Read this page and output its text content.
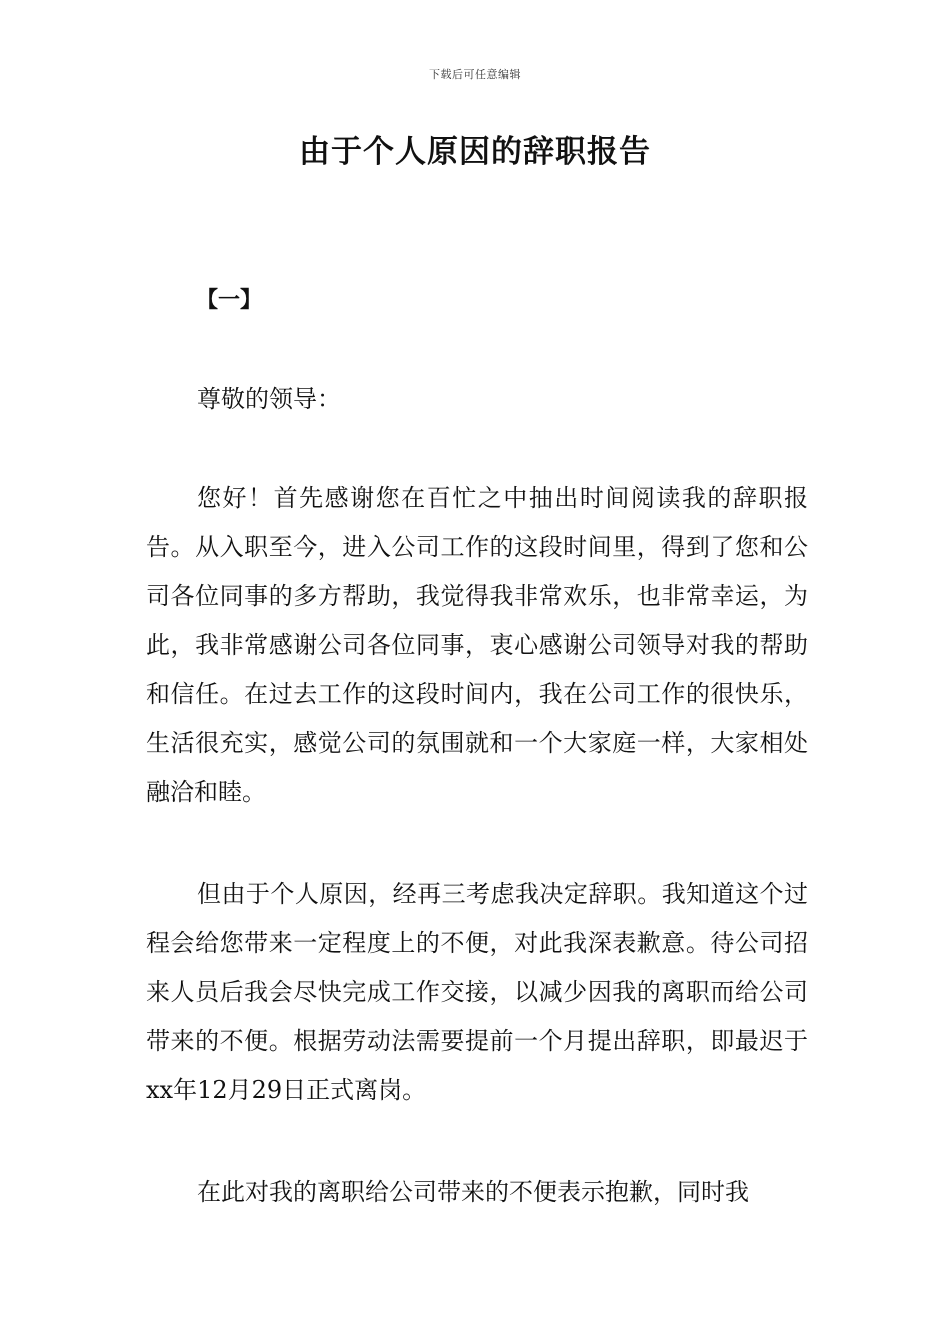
下载后可任意编辑
由于个人原因的辞职报告
【一】

尊敬的领导：

您好！首先感谢您在百忙之中抽出时间阅读我的辞职报告。从入职至今，进入公司工作的这段时间里，得到了您和公司各位同事的多方帮助，我觉得我非常欢乐，也非常幸运，为此，我非常感谢公司各位同事，衷心感谢公司领导对我的帮助和信任。在过去工作的这段时间内，我在公司工作的很快乐，生活很充实，感觉公司的氛围就和一个大家庭一样，大家相处融洽和睦。

但由于个人原因，经再三考虑我决定辞职。我知道这个过程会给您带来一定程度上的不便，对此我深表歉意。待公司招来人员后我会尽快完成工作交接，以减少因我的离职而给公司带来的不便。根据劳动法需要提前一个月提出辞职，即最迟于xx年12月29日正式离岗。

在此对我的离职给公司带来的不便表示抱歉，同时我
